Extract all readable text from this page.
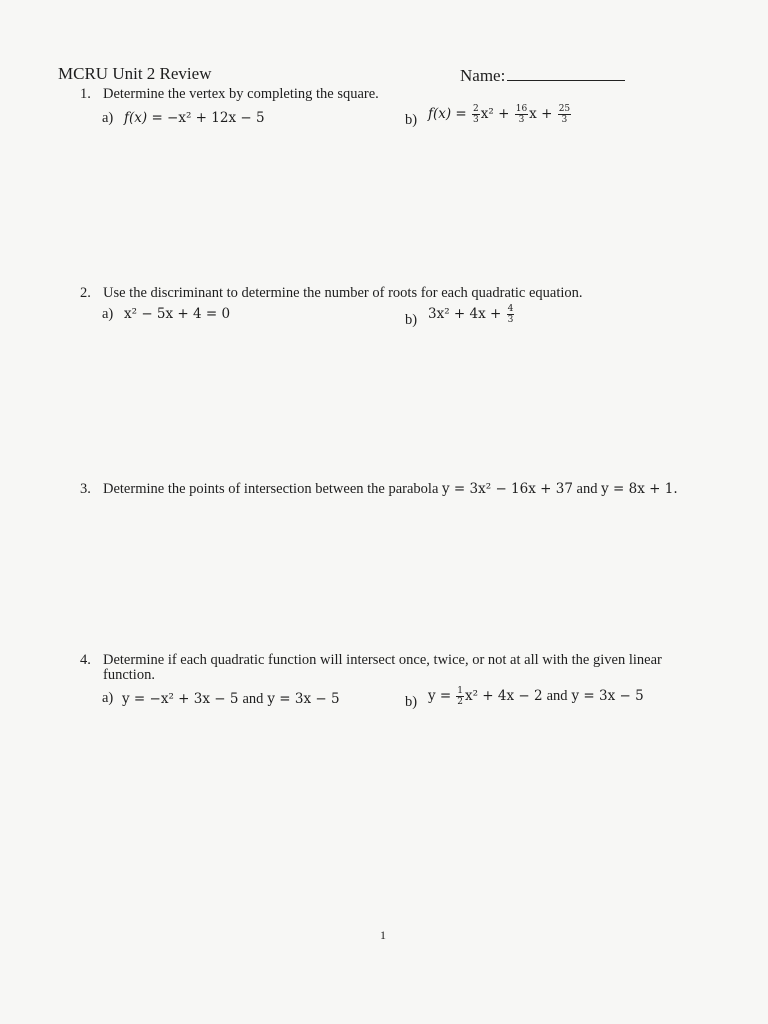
MCRU Unit 2 Review	Name:
1. Determine the vertex by completing the square.
a) f(x) = −x² + 12x − 5	b) $f(x) = \frac{2}{3} x^2 + \frac{16}{3}$ $x + \frac{25}{3}$
2. Use the discriminant to determine the number of roots for each quadratic equation.
a) x² − 5x + 4 = 0	b) $3x^2 + 4x + \frac{4}{3}$
3. Determine the points of intersection between the parabola y = 3x² − 16x + 37 and y = 8x + 1.
4. Determine if each quadratic function will intersect once, twice, or not at all with the given linear
function.
a) y = −x² + 3x − 5 and y = 3x − 5	b) $y = \frac{1}{2} x^2 + 4x - 2$ and y = 3x − 5
1
